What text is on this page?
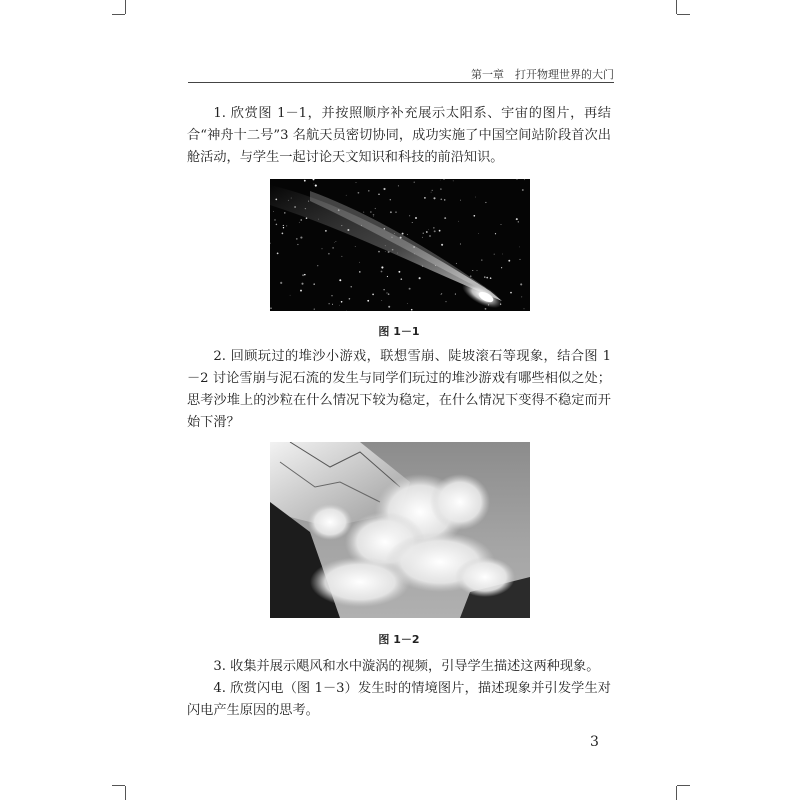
第一章　打开物理世界的大门

1. 欣赏图 1－1，并按照顺序补充展示太阳系、宇宙的图片，再结合“神舟十二号”3 名航天员密切协同，成功实施了中国空间站阶段首次出舱活动，与学生一起讨论天文知识和科技的前沿知识。

图 1－1

2. 回顾玩过的堆沙小游戏，联想雪崩、陡坡滚石等现象，结合图 1－2 讨论雪崩与泥石流的发生与同学们玩过的堆沙游戏有哪些相似之处；思考沙堆上的沙粒在什么情况下较为稳定，在什么情况下变得不稳定而开始下滑？

图 1－2

3. 收集并展示飓风和水中漩涡的视频，引导学生描述这两种现象。

4. 欣赏闪电（图 1－3）发生时的情境图片，描述现象并引发学生对闪电产生原因的思考。

3
